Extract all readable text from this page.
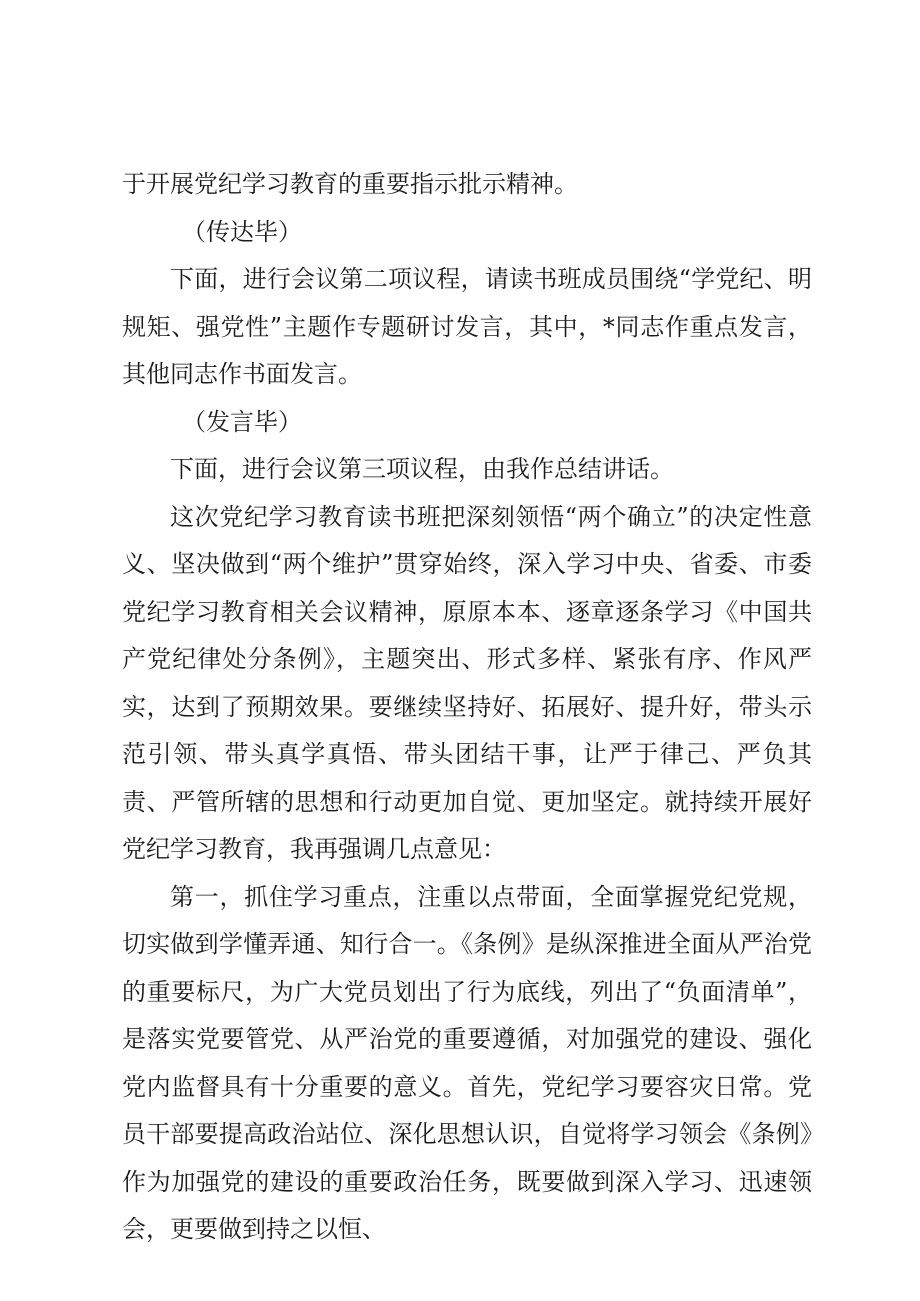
于开展党纪学习教育的重要指示批示精神。

（传达毕）

下面，进行会议第二项议程，请读书班成员围绕“学党纪、明规矩、强党性”主题作专题研讨发言，其中，*同志作重点发言，其他同志作书面发言。

（发言毕）

下面，进行会议第三项议程，由我作总结讲话。

这次党纪学习教育读书班把深刻领悟“两个确立”的决定性意义、坚决做到“两个维护”贯穿始终，深入学习中央、省委、市委党纪学习教育相关会议精神，原原本本、逐章逐条学习《中国共产党纪律处分条例》，主题突出、形式多样、紧张有序、作风严实，达到了预期效果。要继续坚持好、拓展好、提升好，带头示范引领、带头真学真悟、带头团结干事，让严于律己、严负其责、严管所辖的思想和行动更加自觉、更加坚定。就持续开展好党纪学习教育，我再强调几点意见：

第一，抓住学习重点，注重以点带面，全面掌握党纪党规，切实做到学懂弄通、知行合一。《条例》是纵深推进全面从严治党的重要标尺，为广大党员划出了行为底线，列出了“负面清单”，是落实党要管党、从严治党的重要遵循，对加强党的建设、强化党内监督具有十分重要的意义。首先，党纪学习要容灾日常。党员干部要提高政治站位、深化思想认识，自觉将学习领会《条例》作为加强党的建设的重要政治任务，既要做到深入学习、迅速领会，更要做到持之以恒、
